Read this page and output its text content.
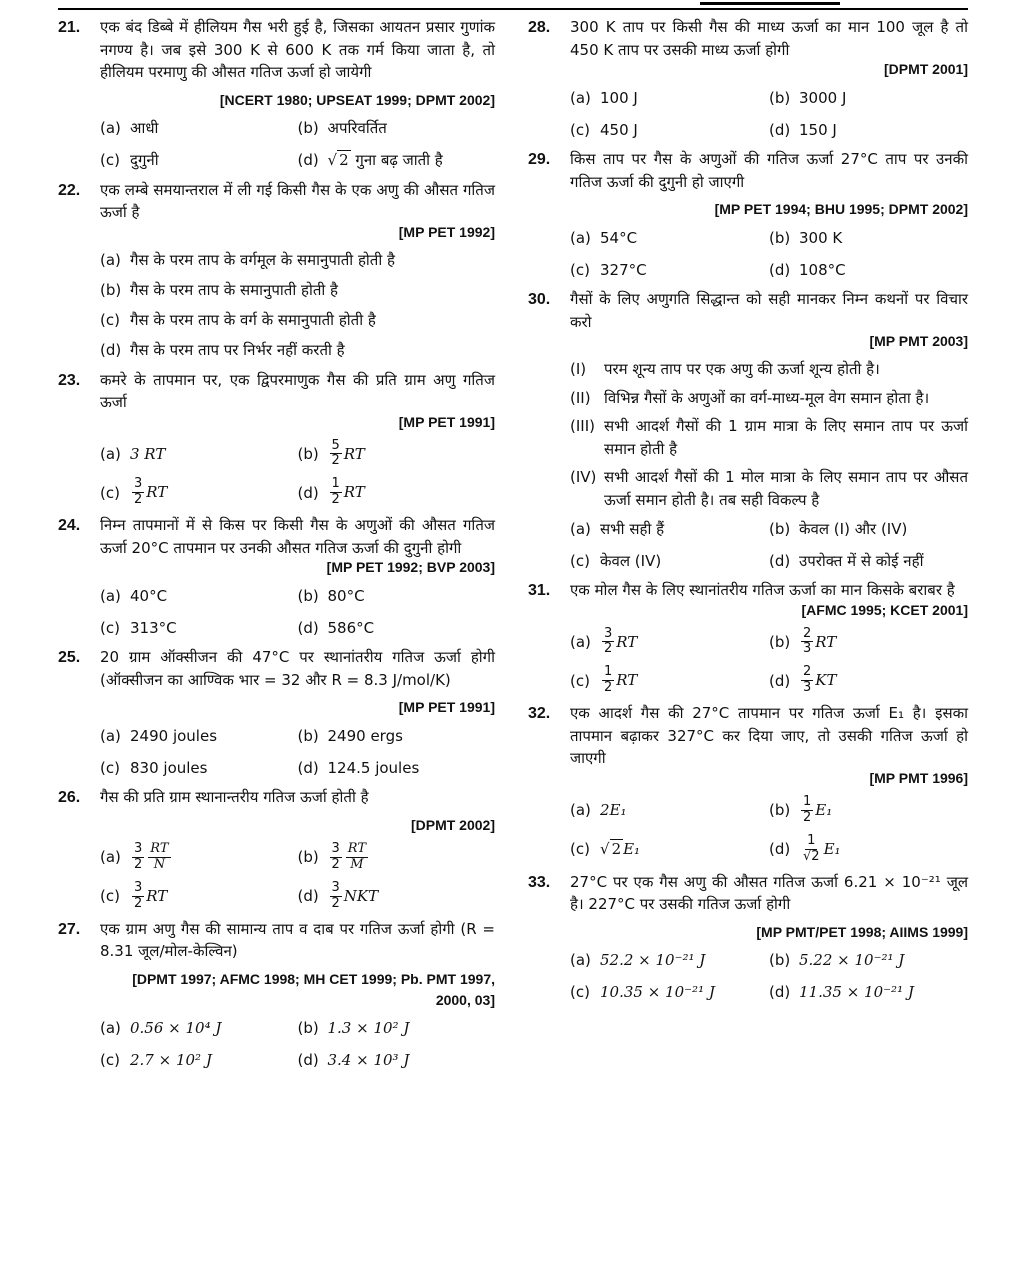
21.	एक बंद डिब्बे में हीलियम गैस भरी हुई है, जिसका आयतन प्रसार गुणांक नगण्य है। जब इसे 300 K से 600 K तक गर्म किया जाता है, तो हीलियम परमाणु की औसत गतिज ऊर्जा हो जायेगी
[NCERT 1980; UPSEAT 1999; DPMT 2002]
(a) आधी	(b) अपरिवर्तित
(c) दुगुनी	(d) √ 2 गुना बढ़ जाती है
22.	एक लम्बे समयान्तराल में ली गई किसी गैस के एक अणु की औसत गतिज ऊर्जा है
[MP PET 1992]
(a) गैस के परम ताप के वर्गमूल के समानुपाती होती है
(b) गैस के परम ताप के समानुपाती होती है
(c) गैस के परम ताप के वर्ग के समानुपाती होती है
(d) गैस के परम ताप पर निर्भर नहीं करती है
23.	कमरे के तापमान पर, एक द्विपरमाणुक गैस की प्रति ग्राम अणु गतिज ऊर्जा
[MP PET 1991]
(a) 3 RT	$(b) \frac{5}{2}$ RT
$(c) \frac{3}{2}$ RT	$(d) \frac{1}{2}$ RT
24.	निम्न तापमानों में से किस पर किसी गैस के अणुओं की औसत गतिज ऊर्जा 20°C तापमान पर उनकी औसत गतिज ऊर्जा की दुगुनी होगी
[MP PET 1992; BVP 2003]
(a) 40°C	(b) 80°C
(c) 313°C	(d) 586°C
25.	20 ग्राम ऑक्सीजन की 47°C पर स्थानांतरीय गतिज ऊर्जा होगी (ऑक्सीजन का आण्विक भार = 32 और R = 8.3 J/mol/K)
[MP PET 1991]
(a) 2490 joules	(b) 2490 ergs
(c) 830 joules	(d) 124.5 joules
26.	गैस की प्रति ग्राम स्थानान्तरीय गतिज ऊर्जा होती है
[DPMT 2002]
$(a) \frac{3}{2} \frac{RT}{N}$	$(b) \frac{3}{2} \frac{RT}{M}$
$(c) \frac{3}{2}$ RT	$(d) \frac{3}{2}$ NKT
27.	एक ग्राम अणु गैस की सामान्य ताप व दाब पर गतिज ऊर्जा होगी (R = 8.31 जूल/मोल-केल्विन)
[DPMT 1997; AFMC 1998; MH CET 1999; Pb. PMT 1997, 2000, 03]
(a) 0.56 × 10⁴ J	(b) 1.3 × 10² J
(c) 2.7 × 10² J	(d) 3.4 × 10³ J
28.	300 K ताप पर किसी गैस की माध्य ऊर्जा का मान 100 जूल है तो 450 K ताप पर उसकी माध्य ऊर्जा होगी
[DPMT 2001]
(a) 100 J	(b) 3000 J
(c) 450 J	(d) 150 J
29.	किस ताप पर गैस के अणुओं की गतिज ऊर्जा 27°C ताप पर उनकी गतिज ऊर्जा की दुगुनी हो जाएगी
[MP PET 1994; BHU 1995; DPMT 2002]
(a) 54°C	(b) 300 K
(c) 327°C	(d) 108°C
30.	गैसों के लिए अणुगति सिद्धान्त को सही मानकर निम्न कथनों पर विचार करो
[MP PMT 2003]
(I) परम शून्य ताप पर एक अणु की ऊर्जा शून्य होती है।
(II) विभिन्न गैसों के अणुओं का वर्ग-माध्य-मूल वेग समान होता है।
(III) सभी आदर्श गैसों की 1 ग्राम मात्रा के लिए समान ताप पर ऊर्जा समान होती है
(IV) सभी आदर्श गैसों की 1 मोल मात्रा के लिए समान ताप पर औसत ऊर्जा समान होती है। तब सही विकल्प है
(a) सभी सही हैं	(b) केवल (I) और (IV)
(c) केवल (IV)	(d) उपरोक्त में से कोई नहीं
31.	एक मोल गैस के लिए स्थानांतरीय गतिज ऊर्जा का मान किसके बराबर है
[AFMC 1995; KCET 2001]
$(a) \frac{3}{2}$ RT	$(b) \frac{2}{3}$ RT
$(c) \frac{1}{2}$ RT	$(d) \frac{2}{3}$ KT
32.	एक आदर्श गैस की 27°C तापमान पर गतिज ऊर्जा E₁ है। इसका तापमान बढ़ाकर 327°C कर दिया जाए, तो उसकी गतिज ऊर्जा हो जाएगी
[MP PMT 1996]
(a) 2E₁	$(b) \frac{1}{2} E_1$
(c) √ 2 E₁	$(d) \frac{1}{√2} E_1$
33.	27°C पर एक गैस अणु की औसत गतिज ऊर्जा 6.21 × 10⁻²¹ जूल है। 227°C पर उसकी गतिज ऊर्जा होगी
[MP PMT/PET 1998; AIIMS 1999]
(a) 52.2 × 10⁻²¹ J	(b) 5.22 × 10⁻²¹ J
(c) 10.35 × 10⁻²¹ J	(d) 11.35 × 10⁻²¹ J
